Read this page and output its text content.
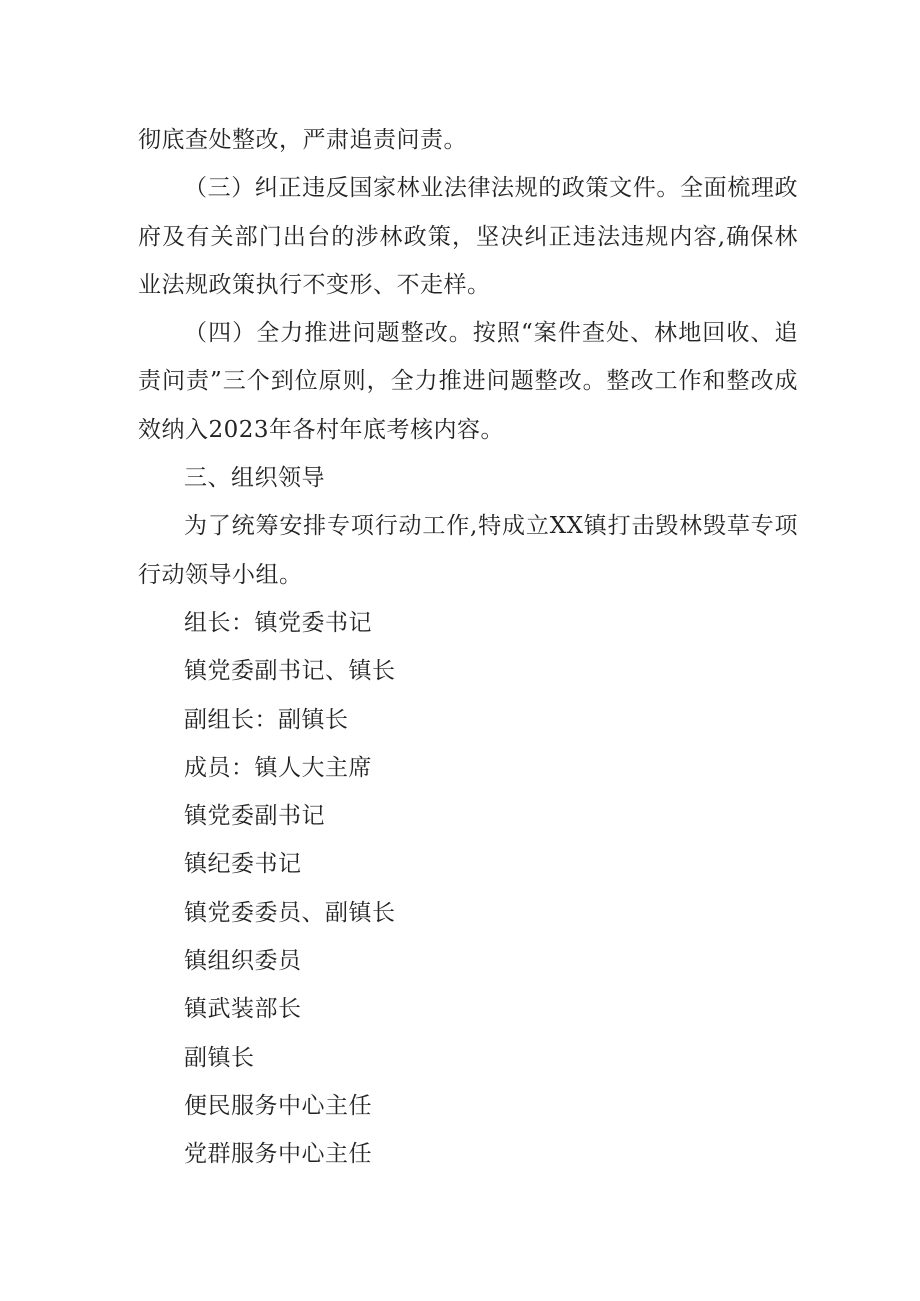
彻底查处整改，严肃追责问责。

（三）纠正违反国家林业法律法规的政策文件。全面梳理政府及有关部门出台的涉林政策，坚决纠正违法违规内容,确保林业法规政策执行不变形、不走样。

（四）全力推进问题整改。按照“案件查处、林地回收、追责问责”三个到位原则，全力推进问题整改。整改工作和整改成效纳入2023年各村年底考核内容。

三、组织领导

为了统筹安排专项行动工作,特成立XX镇打击毁林毁草专项行动领导小组。

组长：镇党委书记

镇党委副书记、镇长

副组长：副镇长

成员：镇人大主席

镇党委副书记

镇纪委书记

镇党委委员、副镇长

镇组织委员

镇武装部长

副镇长

便民服务中心主任

党群服务中心主任
